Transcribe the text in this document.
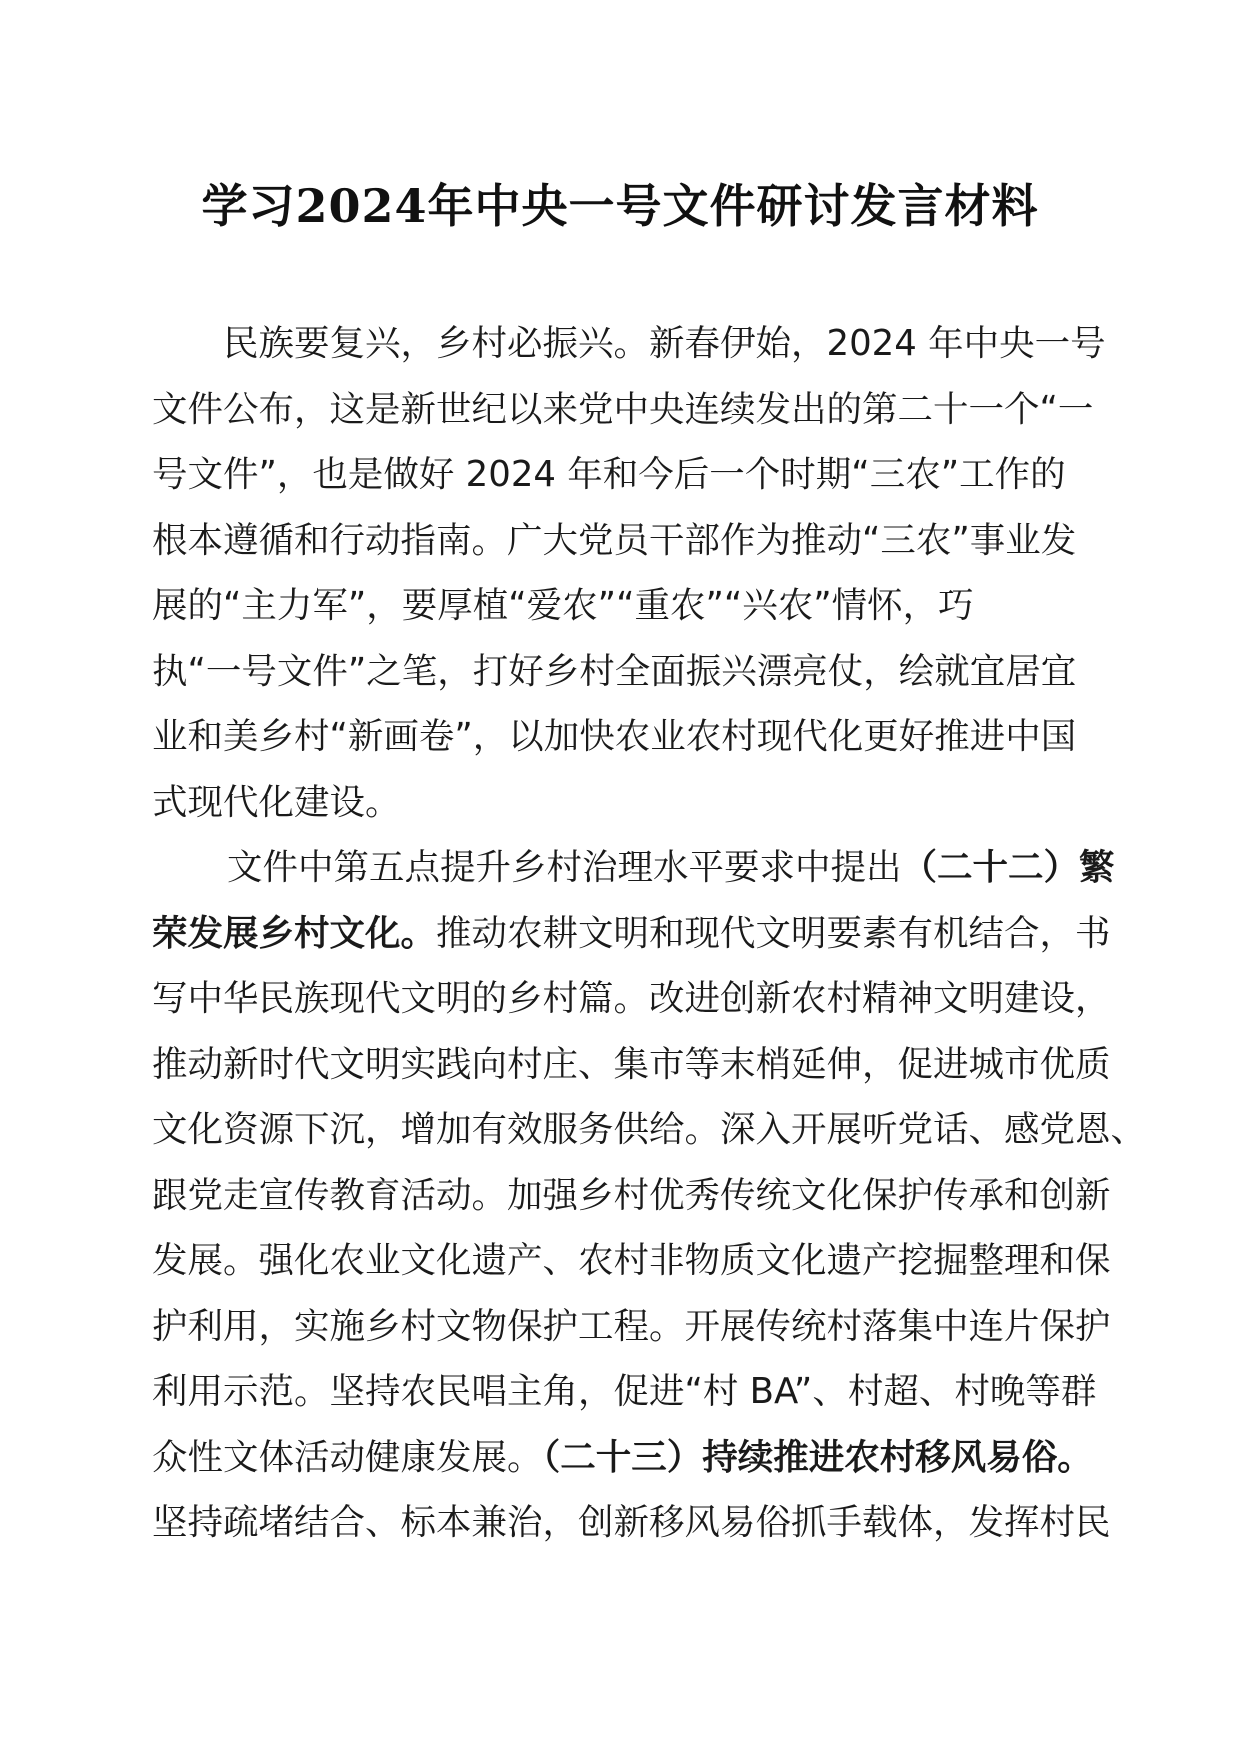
学习2024年中央一号文件研讨发言材料
民族要复兴，乡村必振兴。新春伊始，2024 年中央一号
文件公布，这是新世纪以来党中央连续发出的第二十一个“一
号文件”，也是做好 2024 年和今后一个时期“三农”工作的
根本遵循和行动指南。广大党员干部作为推动“三农”事业发
展的“主力军”，要厚植“爱农”“重农”“兴农”情怀，巧
执“一号文件”之笔，打好乡村全面振兴漂亮仗，绘就宜居宜
业和美乡村“新画卷”，以加快农业农村现代化更好推进中国
式现代化建设。
文件中第五点提升乡村治理水平要求中提出（二十二）繁
荣发展乡村文化。推动农耕文明和现代文明要素有机结合，书
写中华民族现代文明的乡村篇。改进创新农村精神文明建设，
推动新时代文明实践向村庄、集市等末梢延伸，促进城市优质
文化资源下沉，增加有效服务供给。深入开展听党话、感党恩、
跟党走宣传教育活动。加强乡村优秀传统文化保护传承和创新
发展。强化农业文化遗产、农村非物质文化遗产挖掘整理和保
护利用，实施乡村文物保护工程。开展传统村落集中连片保护
利用示范。坚持农民唱主角，促进“村 BA”、村超、村晚等群
众性文体活动健康发展。（二十三）持续推进农村移风易俗。
坚持疏堵结合、标本兼治，创新移风易俗抓手载体，发挥村民
